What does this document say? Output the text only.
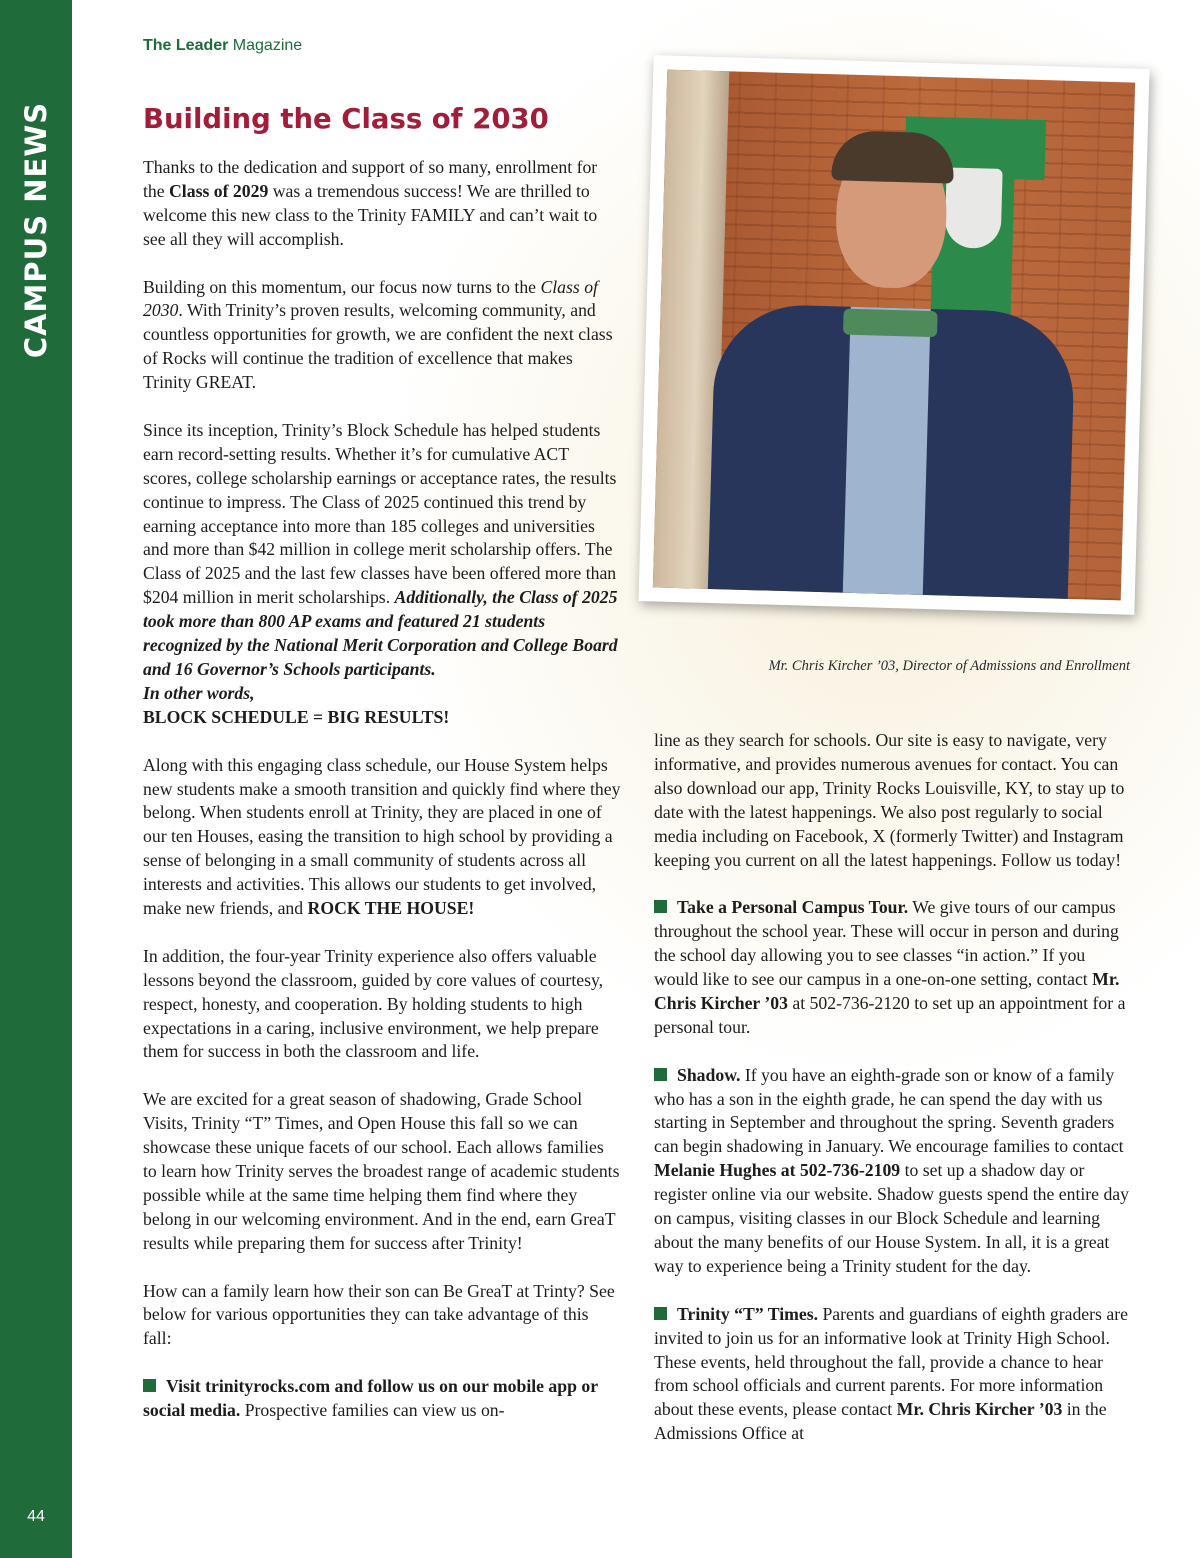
CAMPUS NEWS
44
The Leader Magazine
Building the Class of 2030

Thanks to the dedication and support of so many, enrollment for the Class of 2029 was a tremendous success! We are thrilled to welcome this new class to the Trinity FAMILY and can’t wait to see all they will accomplish.

Building on this momentum, our focus now turns to the Class of 2030. With Trinity’s proven results, welcoming community, and countless opportunities for growth, we are confident the next class of Rocks will continue the tradition of excellence that makes Trinity GREAT.

Since its inception, Trinity’s Block Schedule has helped students earn record-setting results. Whether it’s for cumulative ACT scores, college scholarship earnings or acceptance rates, the results continue to impress. The Class of 2025 continued this trend by earning acceptance into more than 185 colleges and universities and more than $42 million in college merit scholarship offers. The Class of 2025 and the last few classes have been offered more than $204 million in merit scholarships. Additionally, the Class of 2025 took more than 800 AP exams and featured 21 students recognized by the National Merit Corporation and College Board and 16 Governor’s Schools participants.
In other words,
BLOCK SCHEDULE = BIG RESULTS!

Along with this engaging class schedule, our House System helps new students make a smooth transition and quickly find where they belong. When students enroll at Trinity, they are placed in one of our ten Houses, easing the transition to high school by providing a sense of belonging in a small community of students across all interests and activities. This allows our students to get involved, make new friends, and ROCK THE HOUSE!

In addition, the four-year Trinity experience also offers valuable lessons beyond the classroom, guided by core values of courtesy, respect, honesty, and cooperation. By holding students to high expectations in a caring, inclusive environment, we help prepare them for success in both the classroom and life.

We are excited for a great season of shadowing, Grade School Visits, Trinity “T” Times, and Open House this fall so we can showcase these unique facets of our school. Each allows families to learn how Trinity serves the broadest range of academic students possible while at the same time helping them find where they belong in our welcoming environment. And in the end, earn GreaT results while preparing them for success after Trinity!

How can a family learn how their son can Be GreaT at Trinty? See below for various opportunities they can take advantage of this fall:

Visit trinityrocks.com and follow us on our mobile app or social media. Prospective families can view us on-

Mr. Chris Kircher ’03, Director of Admissions and Enrollment

line as they search for schools. Our site is easy to navigate, very informative, and provides numerous avenues for contact. You can also download our app, Trinity Rocks Louisville, KY, to stay up to date with the latest happenings. We also post regularly to social media including on Facebook, X (formerly Twitter) and Instagram keeping you current on all the latest happenings. Follow us today!

Take a Personal Campus Tour. We give tours of our campus throughout the school year. These will occur in person and during the school day allowing you to see classes “in action.” If you would like to see our campus in a one-on-one setting, contact Mr. Chris Kircher ’03 at 502-736-2120 to set up an appointment for a personal tour.

Shadow. If you have an eighth-grade son or know of a family who has a son in the eighth grade, he can spend the day with us starting in September and throughout the spring. Seventh graders can begin shadowing in January. We encourage families to contact Melanie Hughes at 502-736-2109 to set up a shadow day or register online via our website. Shadow guests spend the entire day on campus, visiting classes in our Block Schedule and learning about the many benefits of our House System. In all, it is a great way to experience being a Trinity student for the day.

Trinity “T” Times. Parents and guardians of eighth graders are invited to join us for an informative look at Trinity High School. These events, held throughout the fall, provide a chance to hear from school officials and current parents. For more information about these events, please contact Mr. Chris Kircher ’03 in the Admissions Office at
